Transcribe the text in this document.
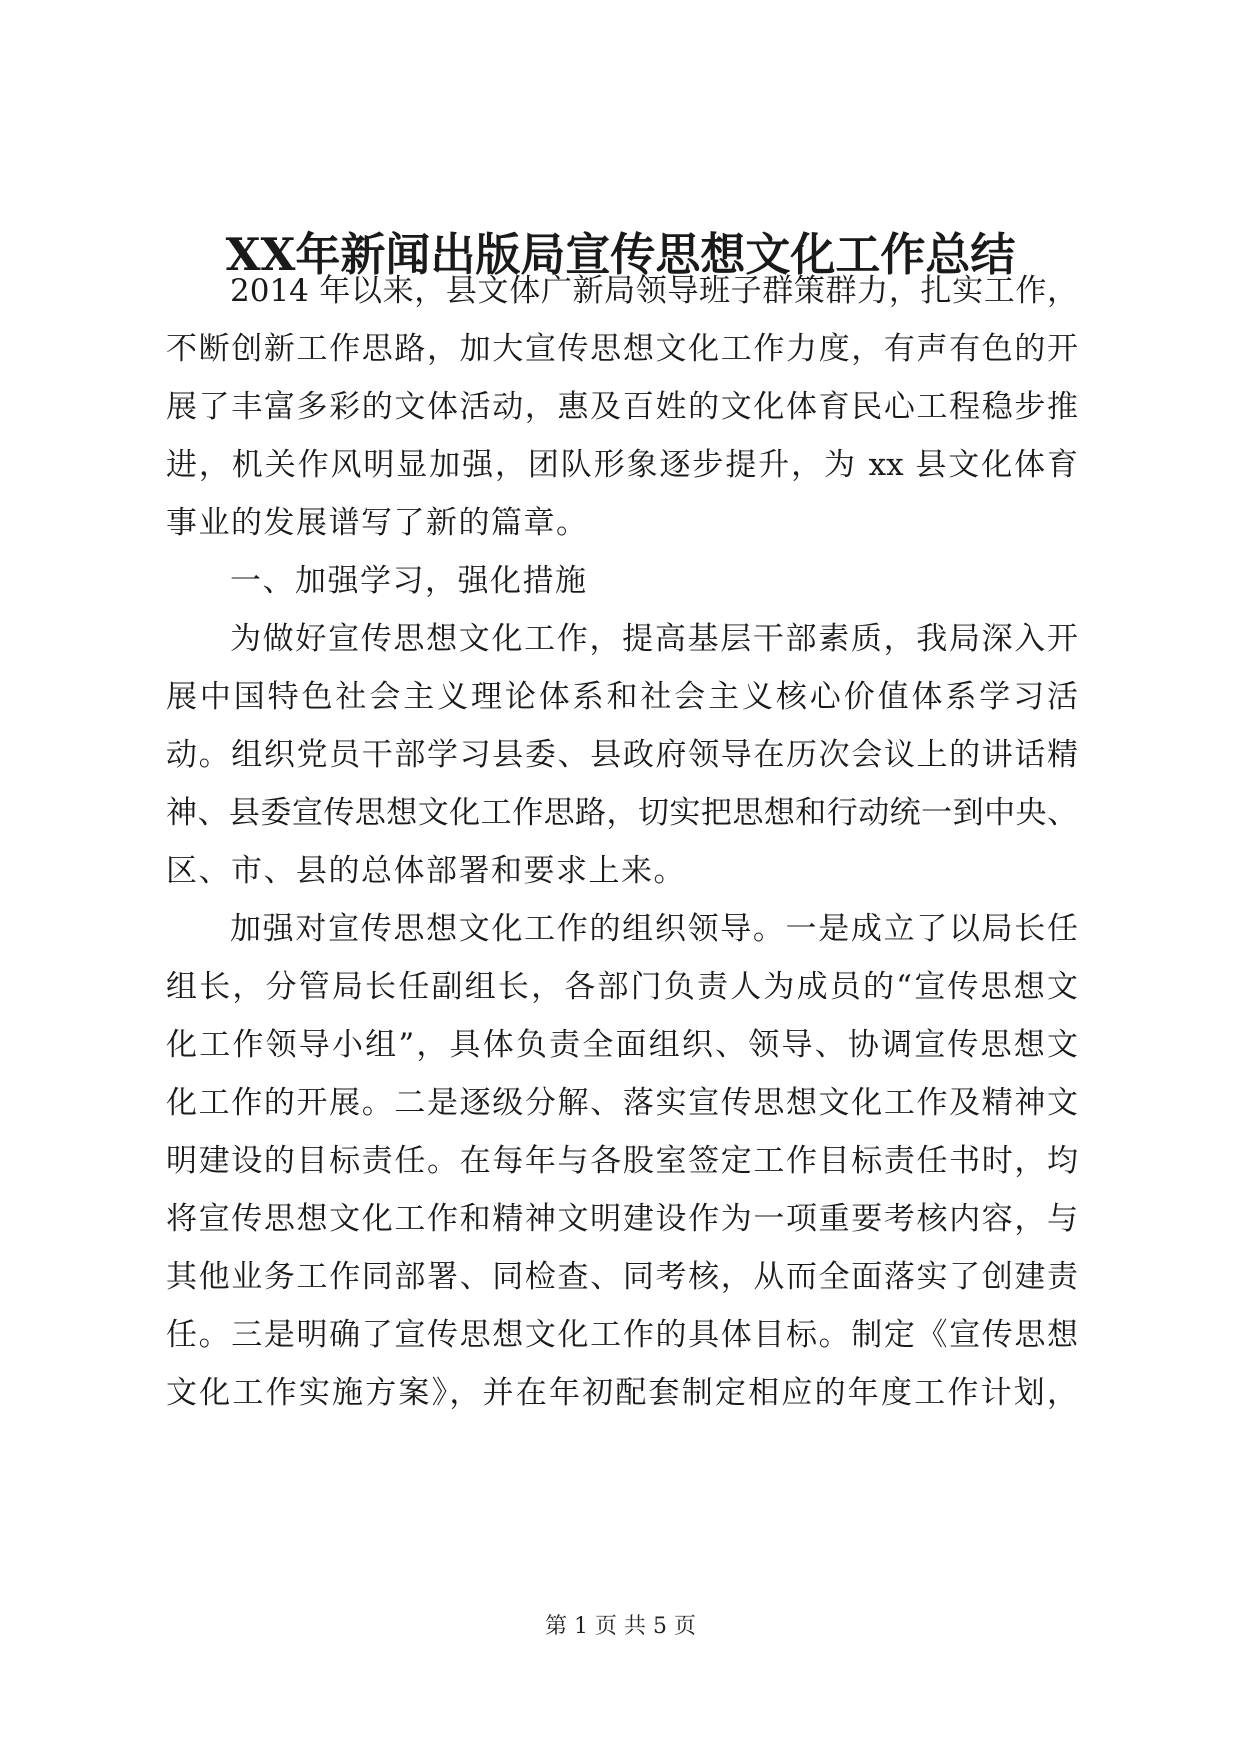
XX年新闻出版局宣传思想文化工作总结
2014 年以来，县文体广新局领导班子群策群力，扎实工作，
不断创新工作思路，加大宣传思想文化工作力度，有声有色的开
展了丰富多彩的文体活动，惠及百姓的文化体育民心工程稳步推
进，机关作风明显加强，团队形象逐步提升，为 xx 县文化体育
事业的发展谱写了新的篇章。
一、加强学习，强化措施
为做好宣传思想文化工作，提高基层干部素质，我局深入开
展中国特色社会主义理论体系和社会主义核心价值体系学习活
动。组织党员干部学习县委、县政府领导在历次会议上的讲话精
神、县委宣传思想文化工作思路，切实把思想和行动统一到中央、
区、市、县的总体部署和要求上来。
加强对宣传思想文化工作的组织领导。一是成立了以局长任
组长，分管局长任副组长，各部门负责人为成员的“宣传思想文
化工作领导小组”，具体负责全面组织、领导、协调宣传思想文
化工作的开展。二是逐级分解、落实宣传思想文化工作及精神文
明建设的目标责任。在每年与各股室签定工作目标责任书时，均
将宣传思想文化工作和精神文明建设作为一项重要考核内容，与
其他业务工作同部署、同检查、同考核，从而全面落实了创建责
任。三是明确了宣传思想文化工作的具体目标。制定《宣传思想
文化工作实施方案》，并在年初配套制定相应的年度工作计划，
第 1 页 共 5 页
